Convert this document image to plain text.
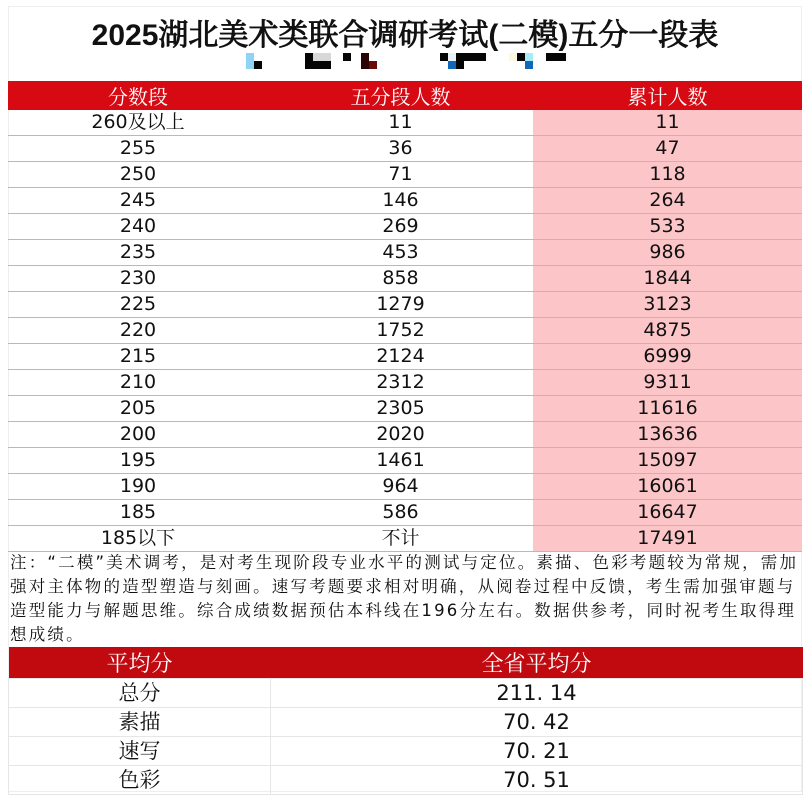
2025湖北美术类联合调研考试(二模)五分一段表
分数段	五分段人数	累计人数
260及以上	11	11
255	36	47
250	71	118
245	146	264
240	269	533
235	453	986
230	858	1844
225	1279	3123
220	1752	4875
215	2124	6999
210	2312	9311
205	2305	11616
200	2020	13636
195	1461	15097
190	964	16061
185	586	16647
185以下	不计	17491
注：“二模”美术调考，是对考生现阶段专业水平的测试与定位。素描、色彩考题较为常规，需加强对主体物的造型塑造与刻画。速写考题要求相对明确，从阅卷过程中反馈，考生需加强审题与造型能力与解题思维。综合成绩数据预估本科线在196分左右。数据供参考，同时祝考生取得理想成绩。
平均分	全省平均分
总分	211. 14
素描	70. 42
速写	70. 21
色彩	70. 51
